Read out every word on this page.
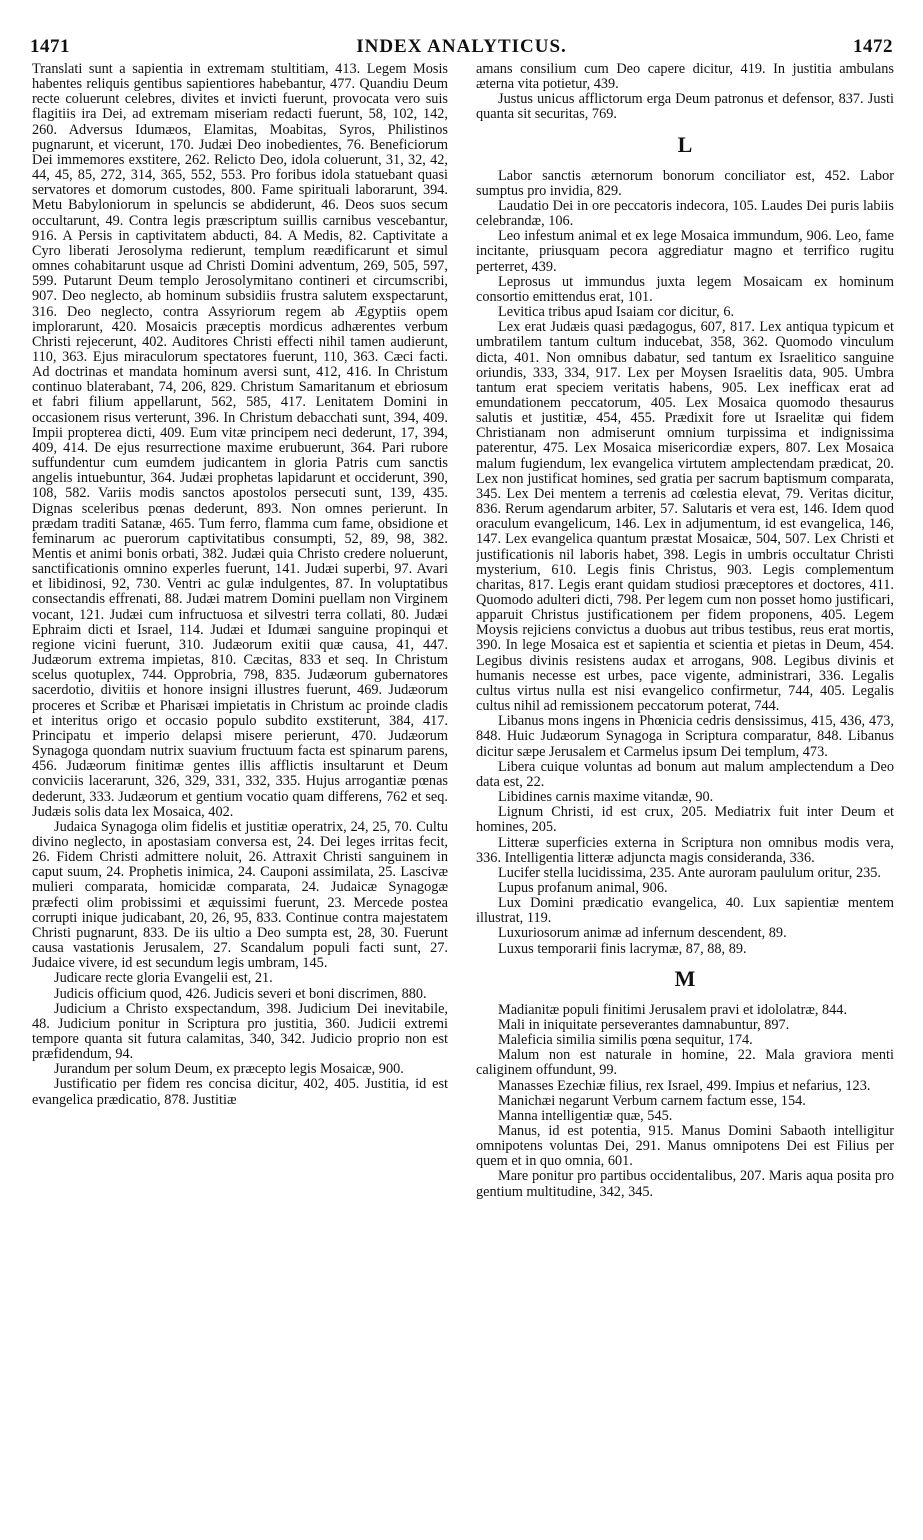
1471	INDEX ANALYTICUS.	1472

Translati sunt a sapientia in extremam stultitiam, 413. Legem Mosis habentes reliquis gentibus sapientiores habebantur, 477. Quandiu Deum recte coluerunt celebres, divites et invicti fuerunt, provocata vero suis flagitiis ira Dei, ad extremam miseriam redacti fuerunt, 58, 102, 142, 260. Adversus Idumæos, Elamitas, Moabitas, Syros, Philistinos pugnarunt, et vicerunt, 170. Judæi Deo inobedientes, 76. Beneficiorum Dei immemores exstitere, 262. Relicto Deo, idola coluerunt, 31, 32, 42, 44, 45, 85, 272, 314, 365, 552, 553. Pro foribus idola statuebant quasi servatores et domorum custodes, 800. Fame spirituali laborarunt, 394. Metu Babyloniorum in speluncis se abdiderunt, 46. Deos suos secum occultarunt, 49. Contra legis præscriptum suillis carnibus vescebantur, 916. A Persis in captivitatem abducti, 84. A Medis, 82. Captivitate a Cyro liberati Jerosolyma redierunt, templum reædificarunt et simul omnes cohabitarunt usque ad Christi Domini adventum, 269, 505, 597, 599. Putarunt Deum templo Jerosolymitano contineri et circumscribi, 907. Deo neglecto, ab hominum subsidiis frustra salutem exspectarunt, 316. Deo neglecto, contra Assyriorum regem ab Ægyptiis opem implorarunt, 420. Mosaicis præceptis mordicus adhærentes verbum Christi rejecerunt, 402. Auditores Christi effecti nihil tamen audierunt, 110, 363. Ejus miraculorum spectatores fuerunt, 110, 363. Cæci facti. Ad doctrinas et mandata hominum aversi sunt, 412, 416. In Christum continuo blaterabant, 74, 206, 829. Christum Samaritanum et ebriosum et fabri filium appellarunt, 562, 585, 417. Lenitatem Domini in occasionem risus verterunt, 396. In Christum debacchati sunt, 394, 409. Impii propterea dicti, 409. Eum vitæ principem neci dederunt, 17, 394, 409, 414. De ejus resurrectione maxime erubuerunt, 364. Pari rubore suffundentur cum eumdem judicantem in gloria Patris cum sanctis angelis intuebuntur, 364. Judæi prophetas lapidarunt et occiderunt, 390, 108, 582. Variis modis sanctos apostolos persecuti sunt, 139, 435. Dignas sceleribus pœnas dederunt, 893. Non omnes perierunt. In prædam traditi Satanæ, 465. Tum ferro, flamma cum fame, obsidione et feminarum ac puerorum captivitatibus consumpti, 52, 89, 98, 382. Mentis et animi bonis orbati, 382. Judæi quia Christo credere noluerunt, sanctificationis omnino experles fuerunt, 141. Judæi superbi, 97. Avari et libidinosi, 92, 730. Ventri ac gulæ indulgentes, 87. In voluptatibus consectandis effrenati, 88. Judæi matrem Domini puellam non Virginem vocant, 121. Judæi cum infructuosa et silvestri terra collati, 80. Judæi Ephraim dicti et Israel, 114. Judæi et Idumæi sanguine propinqui et regione vicini fuerunt, 310. Judæorum exitii quæ causa, 41, 447. Judæorum extrema impietas, 810. Cæcitas, 833 et seq. In Christum scelus quotuplex, 744. Opprobria, 798, 835. Judæorum gubernatores sacerdotio, divitiis et honore insigni illustres fuerunt, 469. Judæorum proceres et Scribæ et Pharisæi impietatis in Christum ac proinde cladis et interitus origo et occasio populo subdito exstiterunt, 384, 417. Principatu et imperio delapsi misere perierunt, 470. Judæorum Synagoga quondam nutrix suavium fructuum facta est spinarum parens, 456. Judæorum finitimæ gentes illis afflictis insultarunt et Deum conviciis lacerarunt, 326, 329, 331, 332, 335. Hujus arrogantiæ pœnas dederunt, 333. Judæorum et gentium vocatio quam differens, 762 et seq. Judæis solis data lex Mosaica, 402.

Judaica Synagoga olim fidelis et justitiæ operatrix, 24, 25, 70. Cultu divino neglecto, in apostasiam conversa est, 24. Dei leges irritas fecit, 26. Fidem Christi admittere noluit, 26. Attraxit Christi sanguinem in caput suum, 24. Prophetis inimica, 24. Cauponi assimilata, 25. Lascivæ mulieri comparata, homicidæ comparata, 24. Judaicæ Synagogæ præfecti olim probissimi et æquissimi fuerunt, 23. Mercede postea corrupti inique judicabant, 20, 26, 95, 833. Continue contra majestatem Christi pugnarunt, 833. De iis ultio a Deo sumpta est, 28, 30. Fuerunt causa vastationis Jerusalem, 27. Scandalum populi facti sunt, 27. Judaice vivere, id est secundum legis umbram, 145.

Judicare recte gloria Evangelii est, 21.

Judicis officium quod, 426. Judicis severi et boni discrimen, 880.

Judicium a Christo exspectandum, 398. Judicium Dei inevitabile, 48. Judicium ponitur in Scriptura pro justitia, 360. Judicii extremi tempore quanta sit futura calamitas, 340, 342. Judicio proprio non est præfidendum, 94.

Jurandum per solum Deum, ex præcepto legis Mosaicæ, 900.

Justificatio per fidem res concisa dicitur, 402, 405. Justitia, id est evangelica prædicatio, 878. Justitiæ

amans consilium cum Deo capere dicitur, 419. In justitia ambulans æterna vita potietur, 439.

Justus unicus afflictorum erga Deum patronus et defensor, 837. Justi quanta sit securitas, 769.

L

Labor sanctis æternorum bonorum conciliator est, 452. Labor sumptus pro invidia, 829.

Laudatio Dei in ore peccatoris indecora, 105. Laudes Dei puris labiis celebrandæ, 106.

Leo infestum animal et ex lege Mosaica immundum, 906. Leo, fame incitante, priusquam pecora aggrediatur magno et terrifico rugitu perterret, 439.

Leprosus ut immundus juxta legem Mosaicam ex hominum consortio emittendus erat, 101.

Levitica tribus apud Isaiam cor dicitur, 6.

Lex erat Judæis quasi pædagogus, 607, 817. Lex antiqua typicum et umbratilem tantum cultum inducebat, 358, 362. Quomodo vinculum dicta, 401. Non omnibus dabatur, sed tantum ex Israelitico sanguine oriundis, 333, 334, 917. Lex per Moysen Israelitis data, 905. Umbra tantum erat speciem veritatis habens, 905. Lex inefficax erat ad emundationem peccatorum, 405. Lex Mosaica quomodo thesaurus salutis et justitiæ, 454, 455. Prædixit fore ut Israelitæ qui fidem Christianam non admiserunt omnium turpissima et indignissima paterentur, 475. Lex Mosaica misericordiæ expers, 807. Lex Mosaica malum fugiendum, lex evangelica virtutem amplectendam prædicat, 20. Lex non justificat homines, sed gratia per sacrum baptismum comparata, 345. Lex Dei mentem a terrenis ad cœlestia elevat, 79. Veritas dicitur, 836. Rerum agendarum arbiter, 57. Salutaris et vera est, 146. Idem quod oraculum evangelicum, 146. Lex in adjumentum, id est evangelica, 146, 147. Lex evangelica quantum præstat Mosaicæ, 504, 507. Lex Christi et justificationis nil laboris habet, 398. Legis in umbris occultatur Christi mysterium, 610. Legis finis Christus, 903. Legis complementum charitas, 817. Legis erant quidam studiosi præceptores et doctores, 411. Quomodo adulteri dicti, 798. Per legem cum non posset homo justificari, apparuit Christus justificationem per fidem proponens, 405. Legem Moysis rejiciens convictus a duobus aut tribus testibus, reus erat mortis, 390. In lege Mosaica est et sapientia et scientia et pietas in Deum, 454. Legibus divinis resistens audax et arrogans, 908. Legibus divinis et humanis necesse est urbes, pace vigente, administrari, 336. Legalis cultus virtus nulla est nisi evangelico confirmetur, 744, 405. Legalis cultus nihil ad remissionem peccatorum poterat, 744.

Libanus mons ingens in Phœnicia cedris densissimus, 415, 436, 473, 848. Huic Judæorum Synagoga in Scriptura comparatur, 848. Libanus dicitur sæpe Jerusalem et Carmelus ipsum Dei templum, 473.

Libera cuique voluntas ad bonum aut malum amplectendum a Deo data est, 22.

Libidines carnis maxime vitandæ, 90.

Lignum Christi, id est crux, 205. Mediatrix fuit inter Deum et homines, 205.

Litteræ superficies externa in Scriptura non omnibus modis vera, 336. Intelligentia litteræ adjuncta magis consideranda, 336.

Lucifer stella lucidissima, 235. Ante auroram paululum oritur, 235.

Lupus profanum animal, 906.

Lux Domini prædicatio evangelica, 40. Lux sapientiæ mentem illustrat, 119.

Luxuriosorum animæ ad infernum descendent, 89.

Luxus temporarii finis lacrymæ, 87, 88, 89.

M

Madianitæ populi finitimi Jerusalem pravi et idololatræ, 844.

Mali in iniquitate perseverantes damnabuntur, 897.

Maleficia similia similis pœna sequitur, 174.

Malum non est naturale in homine, 22. Mala graviora menti caliginem offundunt, 99.

Manasses Ezechiæ filius, rex Israel, 499. Impius et nefarius, 123.

Manichæi negarunt Verbum carnem factum esse, 154.

Manna intelligentiæ quæ, 545.

Manus, id est potentia, 915. Manus Domini Sabaoth intelligitur omnipotens voluntas Dei, 291. Manus omnipotens Dei est Filius per quem et in quo omnia, 601.

Mare ponitur pro partibus occidentalibus, 207. Maris aqua posita pro gentium multitudine, 342, 345.
